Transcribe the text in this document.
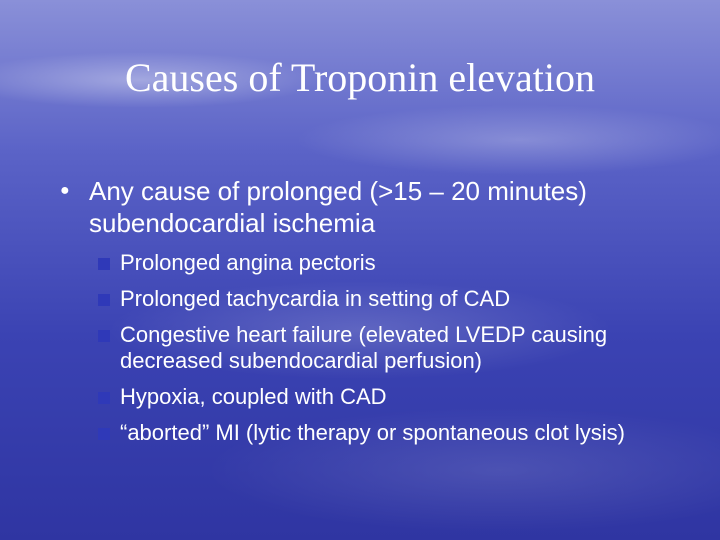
Causes of Troponin elevation
● Any cause of prolonged (>15 – 20 minutes) subendocardial ischemia
Prolonged angina pectoris
Prolonged tachycardia in setting of CAD
Congestive heart failure (elevated LVEDP causing decreased subendocardial perfusion)
Hypoxia, coupled with CAD
“aborted” MI (lytic therapy or spontaneous clot lysis)
